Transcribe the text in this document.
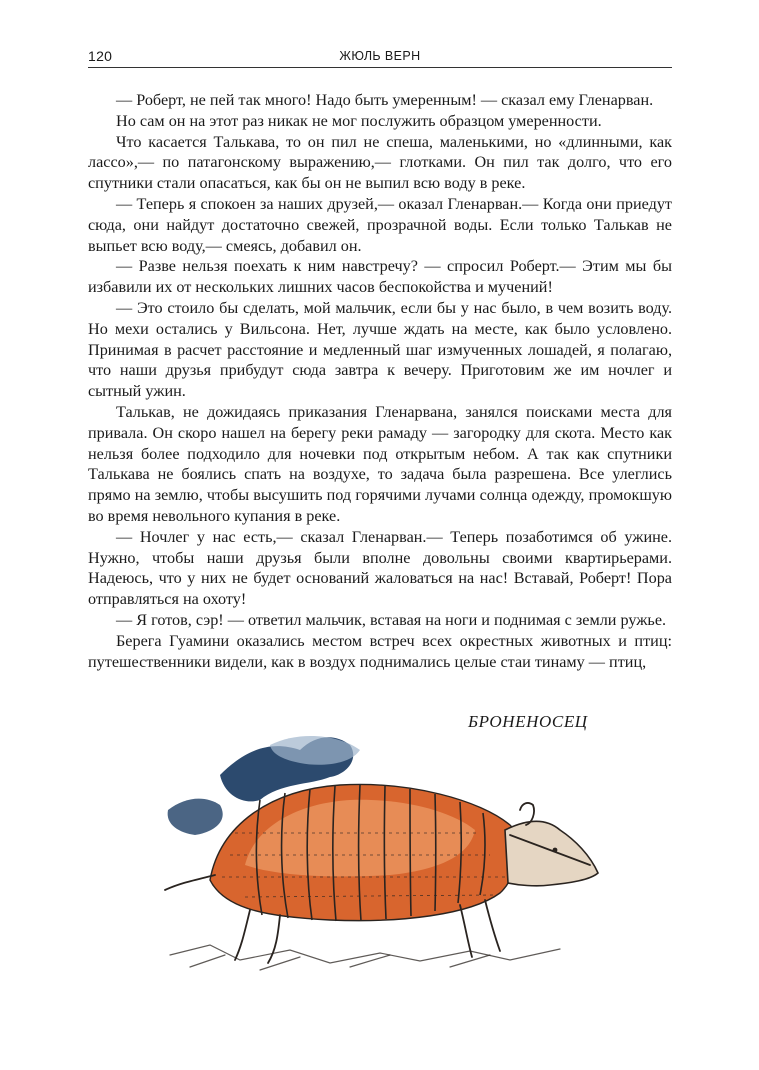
120	ЖЮЛЬ ВЕРН

— Роберт, не пей так много! Надо быть умеренным! — сказал ему Гленарван.

Но сам он на этот раз никак не мог послужить образцом умеренности.

Что касается Талькава, то он пил не спеша, маленькими, но «длинными, как лассо»,— по патагонскому выражению,— глотками. Он пил так долго, что его спутники стали опасаться, как бы он не выпил всю воду в реке.

— Теперь я спокоен за наших друзей,— оказал Гленарван.— Когда они приедут сюда, они найдут достаточно свежей, прозрачной воды. Если только Талькав не выпьет всю воду,— смеясь, добавил он.

— Разве нельзя поехать к ним навстречу? — спросил Роберт.— Этим мы бы избавили их от нескольких лишних часов беспокойства и мучений!

— Это стоило бы сделать, мой мальчик, если бы у нас было, в чем возить воду. Но мехи остались у Вильсона. Нет, лучше ждать на месте, как было условлено. Принимая в расчет расстояние и медленный шаг измученных лошадей, я полагаю, что наши друзья прибудут сюда завтра к вечеру. Приготовим же им ночлег и сытный ужин.

Талькав, не дожидаясь приказания Гленарвана, занялся поисками места для привала. Он скоро нашел на берегу реки рамаду — загородку для скота. Место как нельзя более подходило для ночевки под открытым небом. А так как спутники Талькава не боялись спать на воздухе, то задача была разрешена. Все улеглись прямо на землю, чтобы высушить под горячими лучами солнца одежду, промокшую во время невольного купания в реке.

— Ночлег у нас есть,— сказал Гленарван.— Теперь позаботимся об ужине. Нужно, чтобы наши друзья были вполне довольны своими квартирьерами. Надеюсь, что у них не будет оснований жаловаться на нас! Вставай, Роберт! Пора отправляться на охоту!

— Я готов, сэр! — ответил мальчик, вставая на ноги и поднимая с земли ружье.

Берега Гуамини оказались местом встреч всех окрестных животных и птиц: путешественники видели, как в воздух поднимались целые стаи тинаму — птиц,

БРОНЕНОСЕЦ
